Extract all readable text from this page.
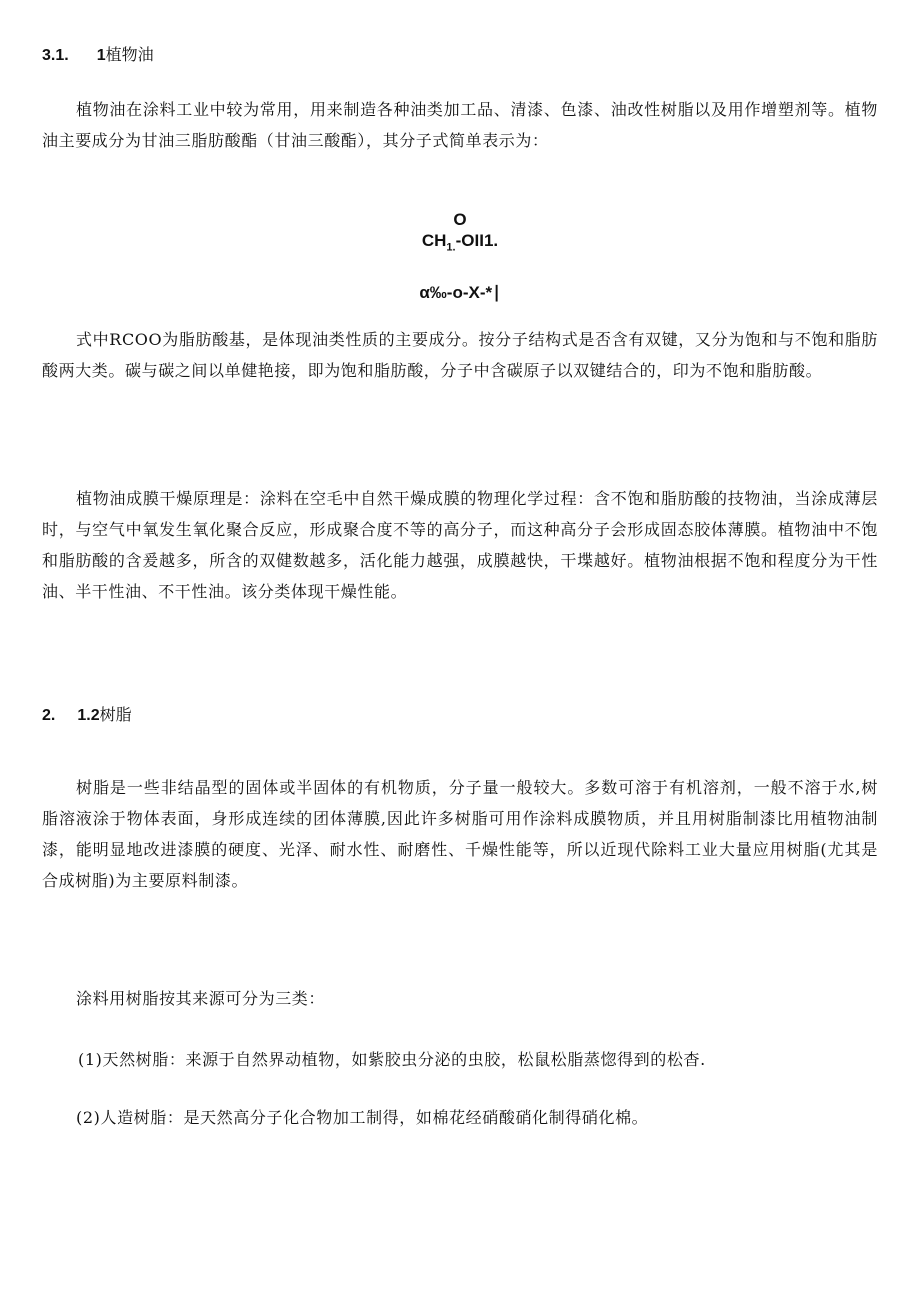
3.1. 1植物油

植物油在涂料工业中较为常用，用来制造各种油类加工品、清漆、色漆、油改性树脂以及用作增塑剂等。植物油主要成分为甘油三脂肪酸酯（甘油三酸酯），其分子式简单表示为：

O
$CH_{1.}-OII1$.
α‰-o-X-*∣

式中RCOO为脂肪酸基，是体现油类性质的主要成分。按分子结构式是否含有双键，又分为饱和与不饱和脂肪酸两大类。碳与碳之间以单健艳接，即为饱和脂肪酸，分子中含碳原子以双键结合的，印为不饱和脂肪酸。

植物油成膜干燥原理是：涂料在空毛中自然干燥成膜的物理化学过程：含不饱和脂肪酸的技物油，当涂成薄层时，与空气中氧发生氧化聚合反应，形成聚合度不等的高分子，而这种高分子会形成固态胶体薄膜。植物油中不饱和脂肪酸的含爰越多，所含的双健数越多，活化能力越强，成膜越快，干堞越好。植物油根据不饱和程度分为干性油、半干性油、不干性油。该分类体现干燥性能。

2. 1.2树脂

树脂是一些非结晶型的固体或半固体的有机物质，分子量一般较大。多数可溶于有机溶剂，一般不溶于水,树脂溶液涂于物体表面，身形成连续的团体薄膜,因此许多树脂可用作涂料成膜物质，并且用树脂制漆比用植物油制漆，能明显地改进漆膜的硬度、光泽、耐水性、耐磨性、千燥性能等，所以近现代除料工业大量应用树脂(尤其是合成树脂)为主要原料制漆。

涂料用树脂按其来源可分为三类：

(1)天然树脂：来源于自然界动植物，如紫胶虫分泌的虫胶，松鼠松脂蒸惚得到的松杳.
(2)人造树脂：是天然高分子化合物加工制得，如棉花经硝酸硝化制得硝化棉。
